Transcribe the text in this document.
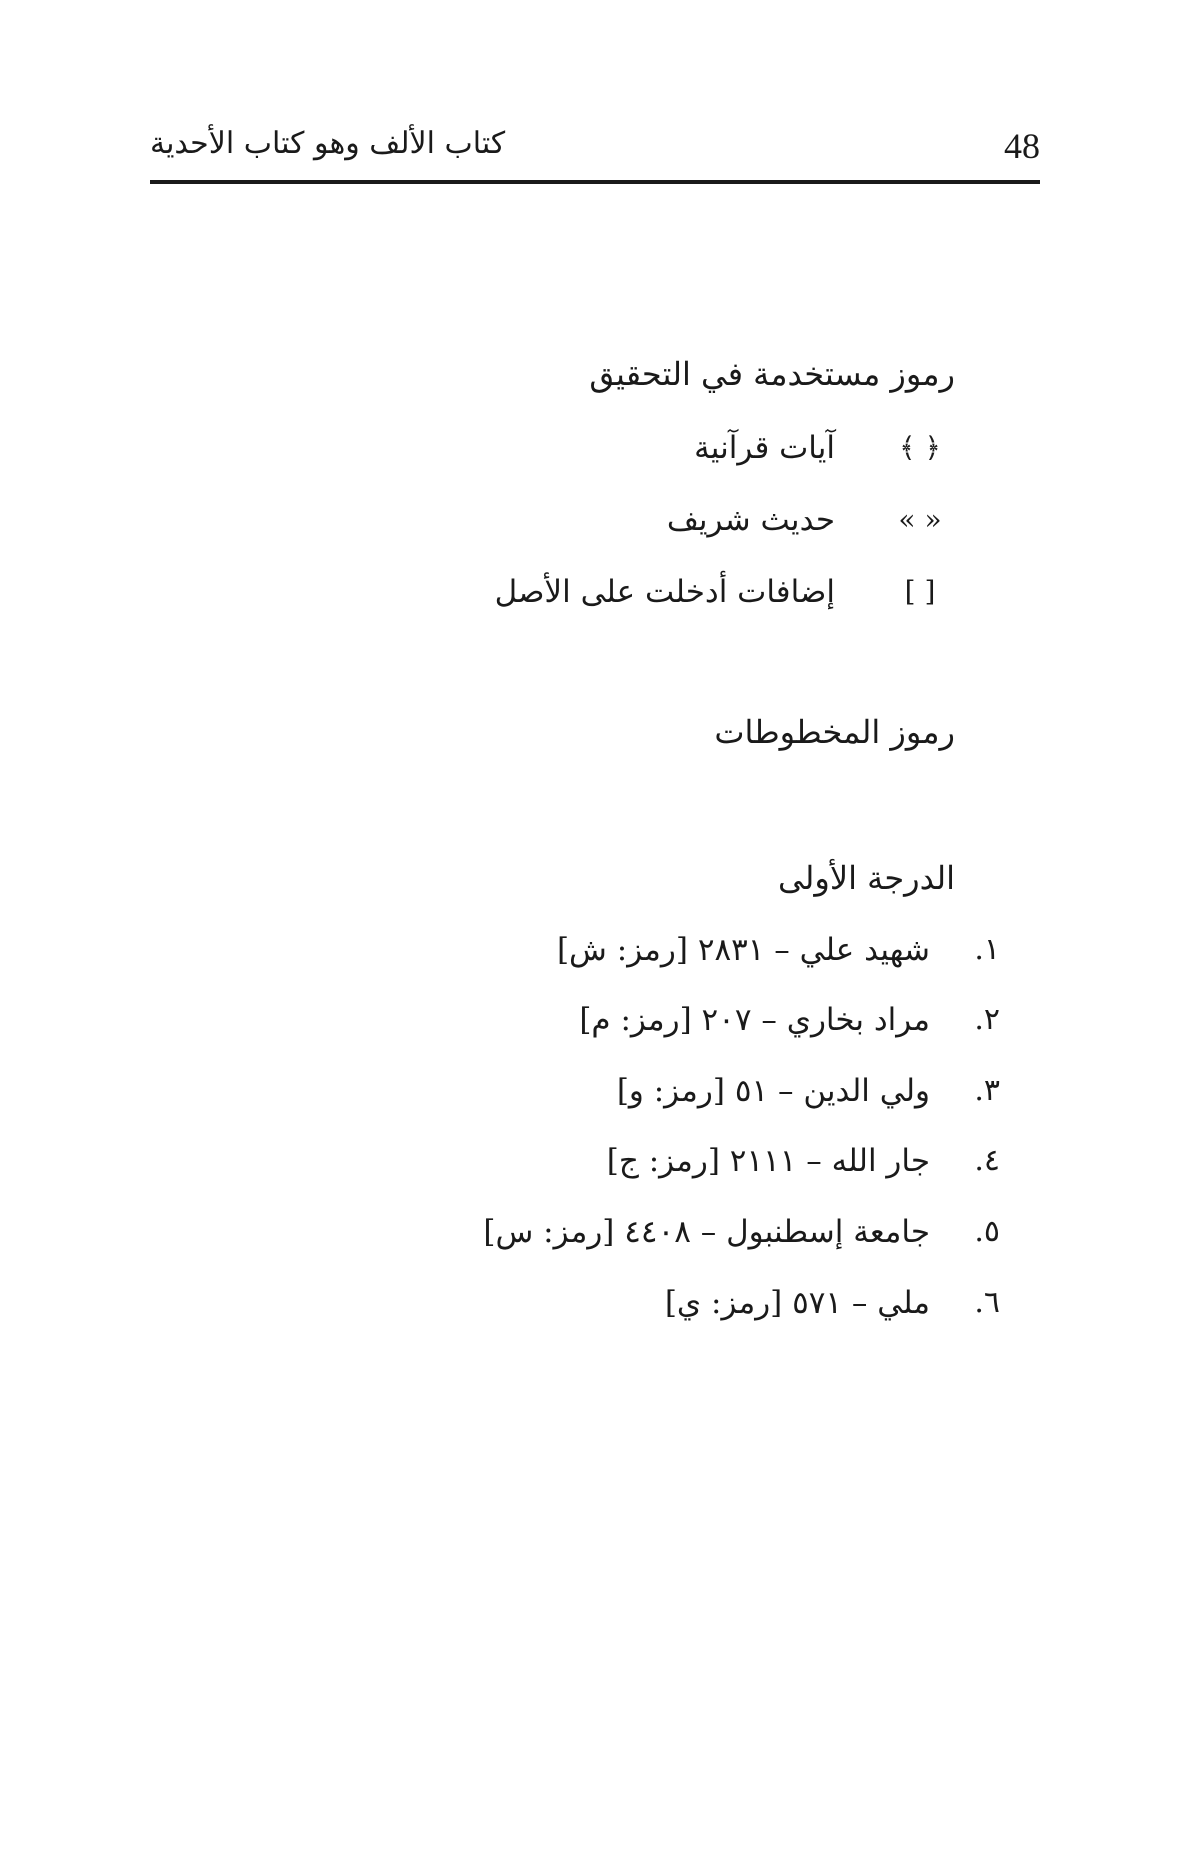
48
كتاب الألف وهو كتاب الأحدية
رموز مستخدمة في التحقيق
﴿ ﴾
آيات قرآنية
« »
حديث شريف
[ ]
إضافات أدخلت على الأصل
رموز المخطوطات
الدرجة الأولى
١.
شهيد علي – ٢٨٣١ [رمز: ش]
٢.
مراد بخاري – ٢٠٧ [رمز: م]
٣.
ولي الدين – ٥١ [رمز: و]
٤.
جار الله – ٢١١١ [رمز: ج]
٥.
جامعة إسطنبول – ٤٤٠٨ [رمز: س]
٦.
ملي – ٥٧١ [رمز: ي]
